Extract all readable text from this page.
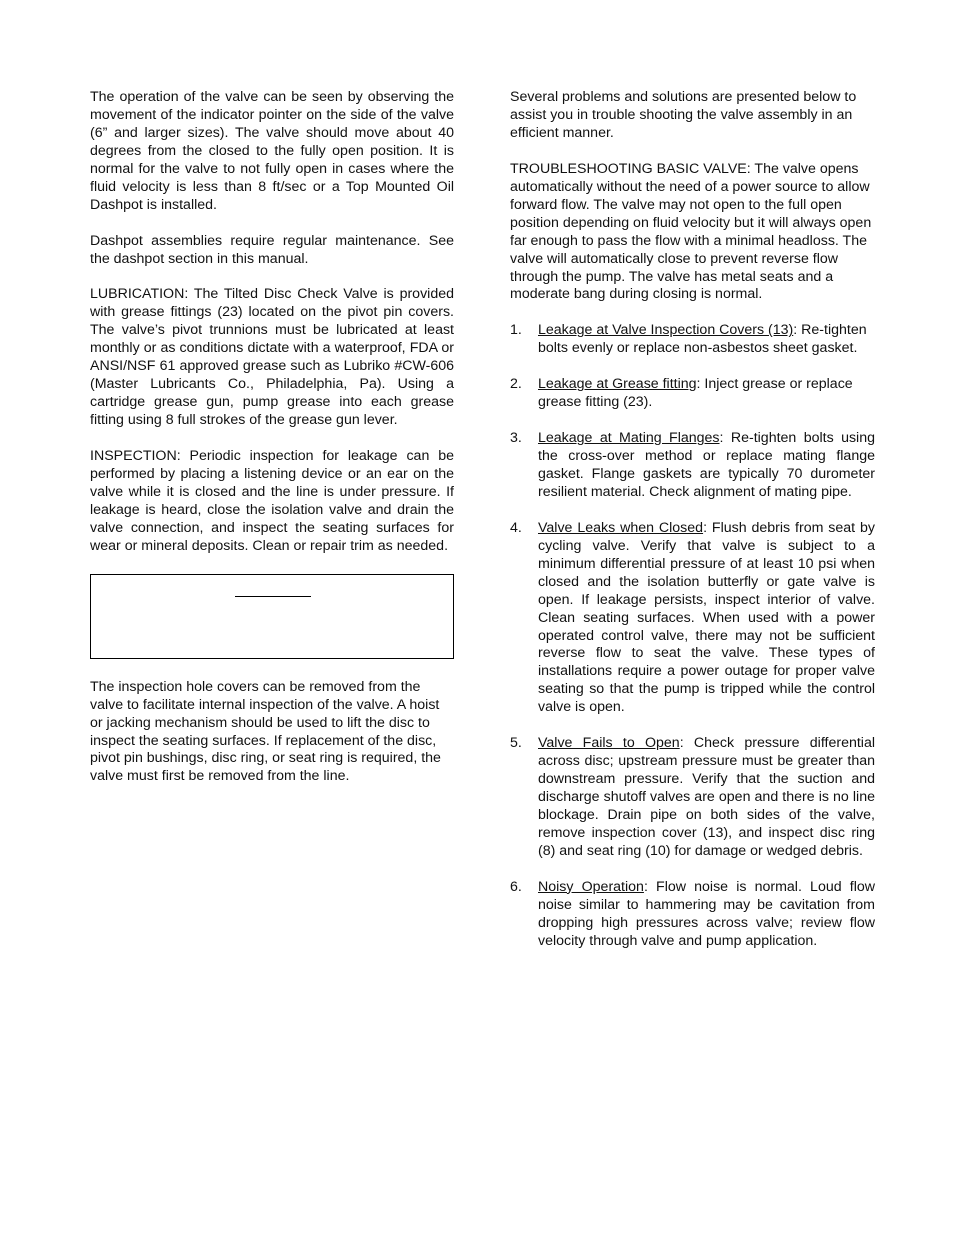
The operation of the valve can be seen by observing the movement of the indicator pointer on the side of the valve (6” and larger sizes). The valve should move about 40 degrees from the closed to the fully open position. It is normal for the valve to not fully open in cases where the fluid velocity is less than 8 ft/sec or a Top Mounted Oil Dashpot is installed.

Dashpot assemblies require regular maintenance. See the dashpot section in this manual.

LUBRICATION: The Tilted Disc Check Valve is provided with grease fittings (23) located on the pivot pin covers. The valve’s pivot trunnions must be lubricated at least monthly or as conditions dictate with a waterproof, FDA or ANSI/NSF 61 approved grease such as Lubriko #CW-606 (Master Lubricants Co., Philadelphia, Pa). Using a cartridge grease gun, pump grease into each grease fitting using 8 full strokes of the grease gun lever.

INSPECTION: Periodic inspection for leakage can be performed by placing a listening device or an ear on the valve while it is closed and the line is under pressure. If leakage is heard, close the isolation valve and drain the valve connection, and inspect the seating surfaces for wear or mineral deposits. Clean or repair trim as needed.

The inspection hole covers can be removed from the valve to facilitate internal inspection of the valve. A hoist or jacking mechanism should be used to lift the disc to inspect the seating surfaces. If replacement of the disc, pivot pin bushings, disc ring, or seat ring is required, the valve must first be removed from the line.

Several problems and solutions are presented below to assist you in trouble shooting the valve assembly in an efficient manner.

TROUBLESHOOTING BASIC VALVE: The valve opens automatically without the need of a power source to allow forward flow. The valve may not open to the full open position depending on fluid velocity but it will always open far enough to pass the flow with a minimal headloss. The valve will automatically close to prevent reverse flow through the pump. The valve has metal seats and a moderate bang during closing is normal.

1. Leakage at Valve Inspection Covers (13): Re-tighten bolts evenly or replace non-asbestos sheet gasket.
2. Leakage at Grease fitting: Inject grease or replace grease fitting (23).
3. Leakage at Mating Flanges: Re-tighten bolts using the cross-over method or replace mating flange gasket. Flange gaskets are typically 70 durometer resilient material. Check alignment of mating pipe.
4. Valve Leaks when Closed: Flush debris from seat by cycling valve. Verify that valve is subject to a minimum differential pressure of at least 10 psi when closed and the isolation butterfly or gate valve is open. If leakage persists, inspect interior of valve. Clean seating surfaces. When used with a power operated control valve, there may not be sufficient reverse flow to seat the valve. These types of installations require a power outage for proper valve seating so that the pump is tripped while the control valve is open.
5. Valve Fails to Open: Check pressure differential across disc; upstream pressure must be greater than downstream pressure. Verify that the suction and discharge shutoff valves are open and there is no line blockage. Drain pipe on both sides of the valve, remove inspection cover (13), and inspect disc ring (8) and seat ring (10) for damage or wedged debris.
6. Noisy Operation: Flow noise is normal. Loud flow noise similar to hammering may be cavitation from dropping high pressures across valve; review flow velocity through valve and pump application.
